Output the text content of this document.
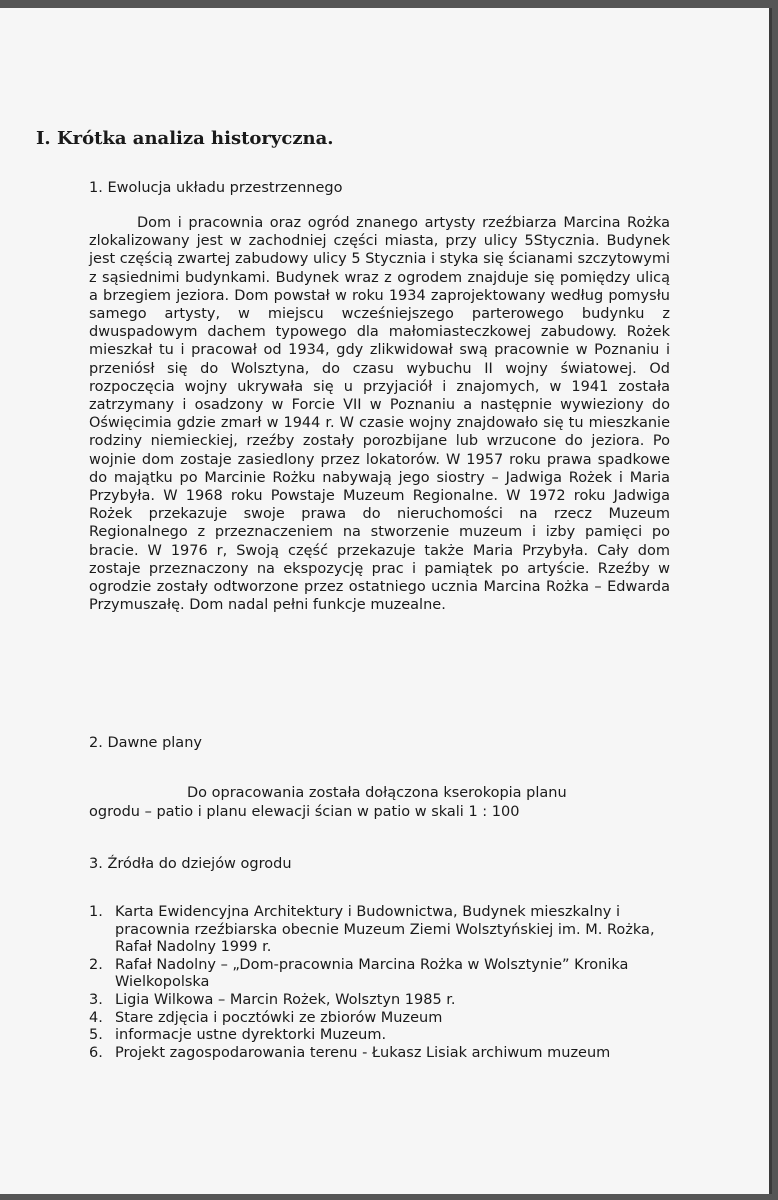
I. Krótka analiza historyczna.

1. Ewolucja układu przestrzennego

Dom i pracownia oraz ogród znanego artysty rzeźbiarza Marcina Rożka zlokalizowany jest w zachodniej części miasta, przy ulicy 5Stycznia. Budynek jest częścią zwartej zabudowy ulicy 5 Stycznia i styka się ścianami szczytowymi z sąsiednimi budynkami. Budynek wraz z ogrodem znajduje się pomiędzy ulicą a brzegiem jeziora. Dom powstał w roku 1934 zaprojektowany według pomysłu samego artysty, w miejscu wcześniejszego parterowego budynku z dwuspadowym dachem typowego dla małomiasteczkowej zabudowy. Rożek mieszkał tu i pracował od 1934, gdy zlikwidował swą pracownie w Poznaniu i przeniósł się do Wolsztyna, do czasu wybuchu II wojny światowej. Od rozpoczęcia wojny ukrywała się u przyjaciół i znajomych, w 1941 została zatrzymany i osadzony w Forcie VII w Poznaniu a następnie wywieziony do Oświęcimia gdzie zmarł w 1944 r. W czasie wojny znajdowało się tu mieszkanie rodziny niemieckiej, rzeźby zostały porozbijane lub wrzucone do jeziora. Po wojnie dom zostaje zasiedlony przez lokatorów. W 1957 roku prawa spadkowe do majątku po Marcinie Rożku nabywają jego siostry – Jadwiga Rożek i Maria Przybyła. W 1968 roku Powstaje Muzeum Regionalne. W 1972 roku Jadwiga Rożek przekazuje swoje prawa do nieruchomości na rzecz Muzeum Regionalnego z przeznaczeniem na stworzenie muzeum i izby pamięci po bracie. W 1976 r, Swoją część przekazuje także Maria Przybyła. Cały dom zostaje przeznaczony na ekspozycję prac i pamiątek po artyście. Rzeźby w ogrodzie zostały odtworzone przez ostatniego ucznia Marcina Rożka – Edwarda Przymuszałę. Dom nadal pełni funkcje muzealne.

2. Dawne plany

Do opracowania została dołączona kserokopia planu ogrodu – patio i planu elewacji ścian w patio w skali 1 : 100

3. Źródła do dziejów ogrodu

1. Karta Ewidencyjna Architektury i Budownictwa, Budynek mieszkalny i pracownia rzeźbiarska obecnie Muzeum Ziemi Wolsztyńskiej im. M. Rożka, Rafał Nadolny 1999 r.
2. Rafał Nadolny – „Dom-pracownia Marcina Rożka w Wolsztynie” Kronika Wielkopolska
3. Ligia Wilkowa – Marcin Rożek, Wolsztyn 1985 r.
4. Stare zdjęcia i pocztówki ze zbiorów Muzeum
5. informacje ustne dyrektorki Muzeum.
6. Projekt zagospodarowania terenu - Łukasz Lisiak archiwum muzeum
